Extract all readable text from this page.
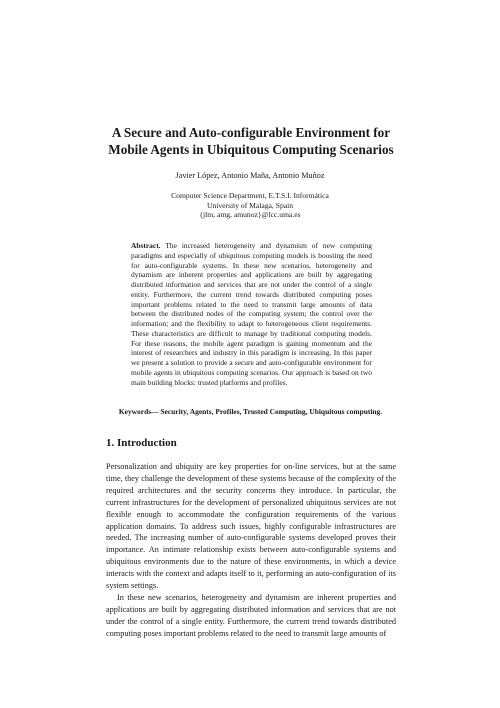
A Secure and Auto-configurable Environment for Mobile Agents in Ubiquitous Computing Scenarios
Javier López, Antonio Maña, Antonio Muñoz
Computer Science Department, E.T.S.I. Informática
University of Malaga, Spain
{jlm, amg, amunoz}@lcc.uma.es
Abstract. The increased heterogeneity and dynamism of new computing paradigms and especially of ubiquitous computing models is boosting the need for auto-configurable systems. In these new scenarios, heterogeneity and dynamism are inherent properties and applications are built by aggregating distributed information and services that are not under the control of a single entity. Furthermore, the current trend towards distributed computing poses important problems related to the need to transmit large amounts of data between the distributed nodes of the computing system; the control over the information; and the flexibility to adapt to heterogeneous client requirements. These characteristics are difficult to manage by traditional computing models. For these reasons, the mobile agent paradigm is gaining momentum and the interest of researchers and industry in this paradigm is increasing. In this paper we present a solution to provide a secure and auto-configurable environment for mobile agents in ubiquitous computing scenarios. Our approach is based on two main building blocks: trusted platforms and profiles.
Keywords— Security, Agents, Profiles, Trusted Computing, Ubiquitous computing.
1. Introduction

Personalization and ubiquity are key properties for on-line services, but at the same time, they challenge the development of these systems because of the complexity of the required architectures and the security concerns they introduce. In particular, the current infrastructures for the development of personalized ubiquitous services are not flexible enough to accommodate the configuration requirements of the various application domains. To address such issues, highly configurable infrastructures are needed. The increasing number of auto-configurable systems developed proves their importance. An intimate relationship exists between auto-configurable systems and ubiquitous environments due to the nature of these environments, in which a device interacts with the context and adapts itself to it, performing an auto-configuration of its system settings.

In these new scenarios, heterogeneity and dynamism are inherent properties and applications are built by aggregating distributed information and services that are not under the control of a single entity. Furthermore, the current trend towards distributed computing poses important problems related to the need to transmit large amounts of
